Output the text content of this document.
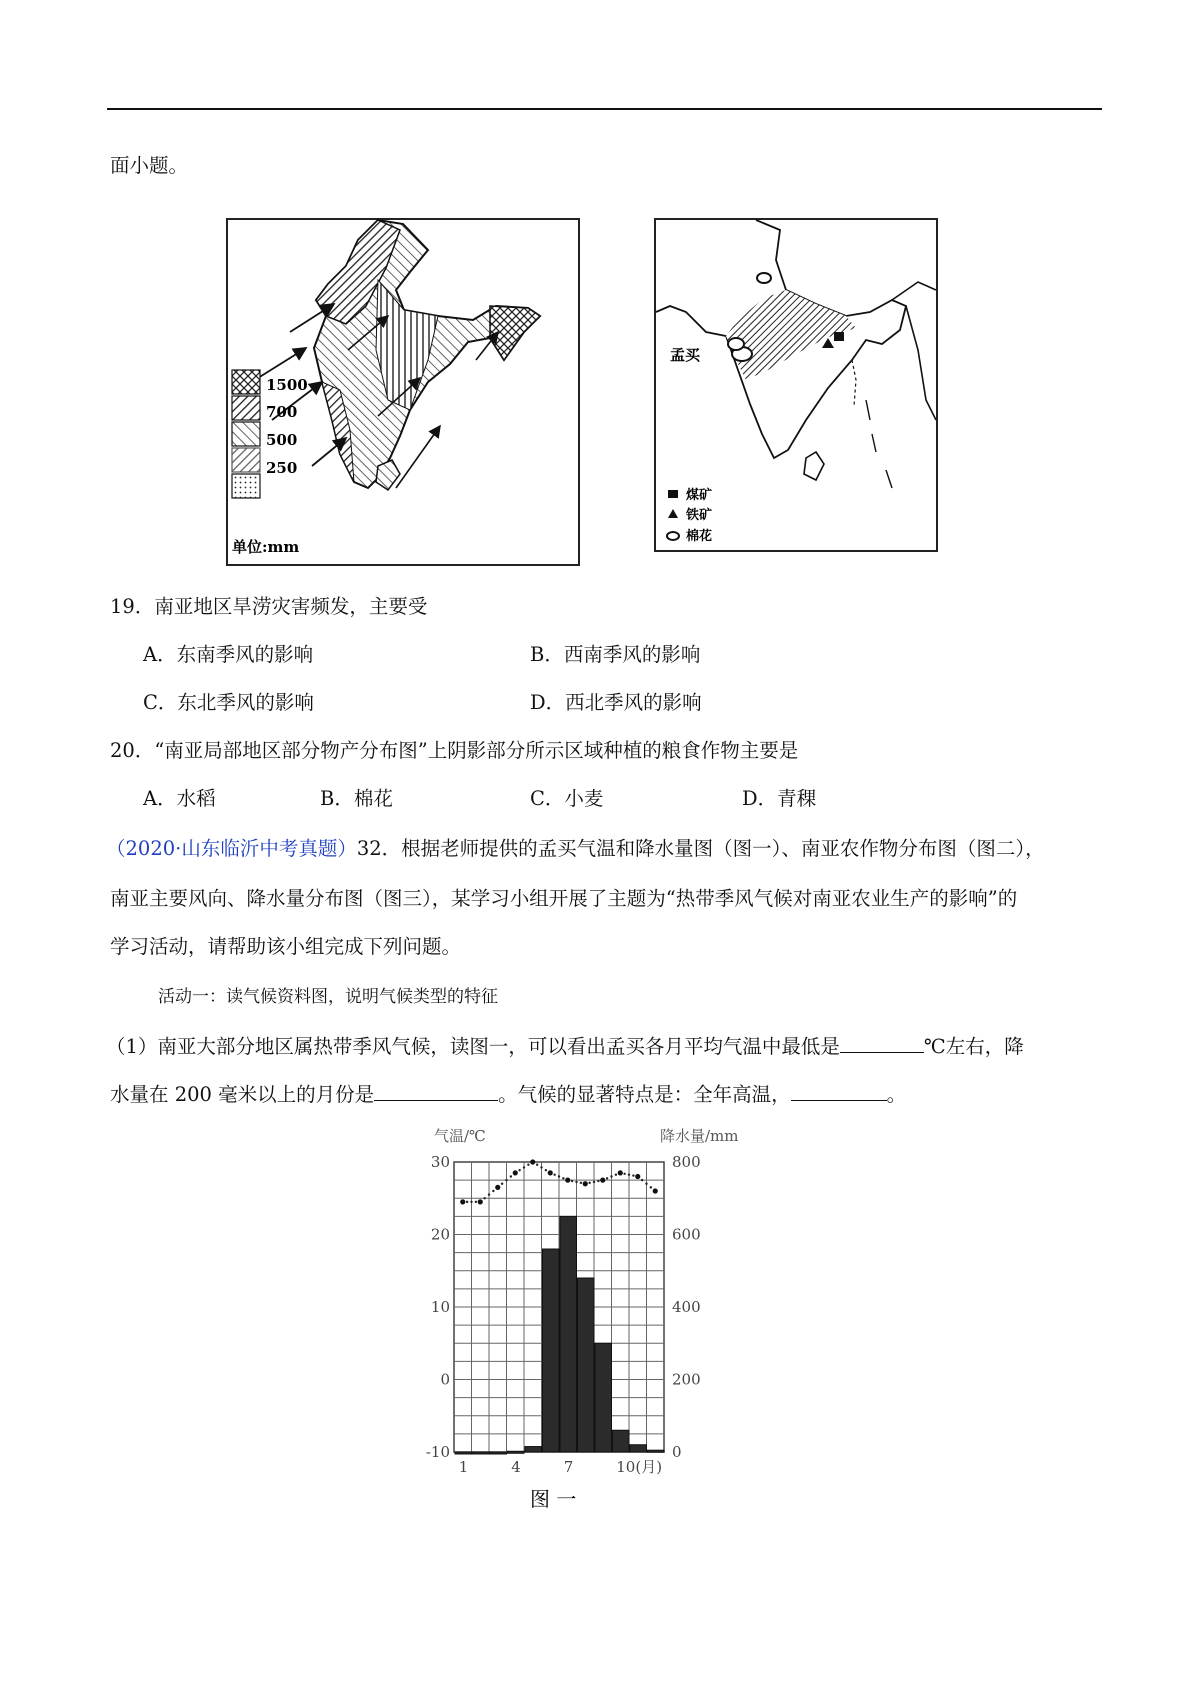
面小题。
1500
700
500
250
单位:mm
孟买
煤矿
铁矿
棉花
19．南亚地区旱涝灾害频发，主要受
A．东南季风的影响	B．西南季风的影响
C．东北季风的影响	D．西北季风的影响
20．“南亚局部地区部分物产分布图”上阴影部分所示区域种植的粮食作物主要是
A．水稻	B．棉花	C．小麦	D．青稞
（2020·山东临沂中考真题）32．根据老师提供的孟买气温和降水量图（图一）、南亚农作物分布图（图二），
南亚主要风向、降水量分布图（图三），某学习小组开展了主题为“热带季风气候对南亚农业生产的影响”的
学习活动，请帮助该小组完成下列问题。
活动一：读气候资料图，说明气候类型的特征
（1）南亚大部分地区属热带季风气候，读图一，可以看出孟买各月平均气温中最低是	℃左右，降
水量在 200 毫米以上的月份是	。气候的显著特点是：全年高温，	。
气温/℃	降水量/mm
30
20
10
0
-10
800
600
400
200
0
1	4	7	10(月)
图 一
